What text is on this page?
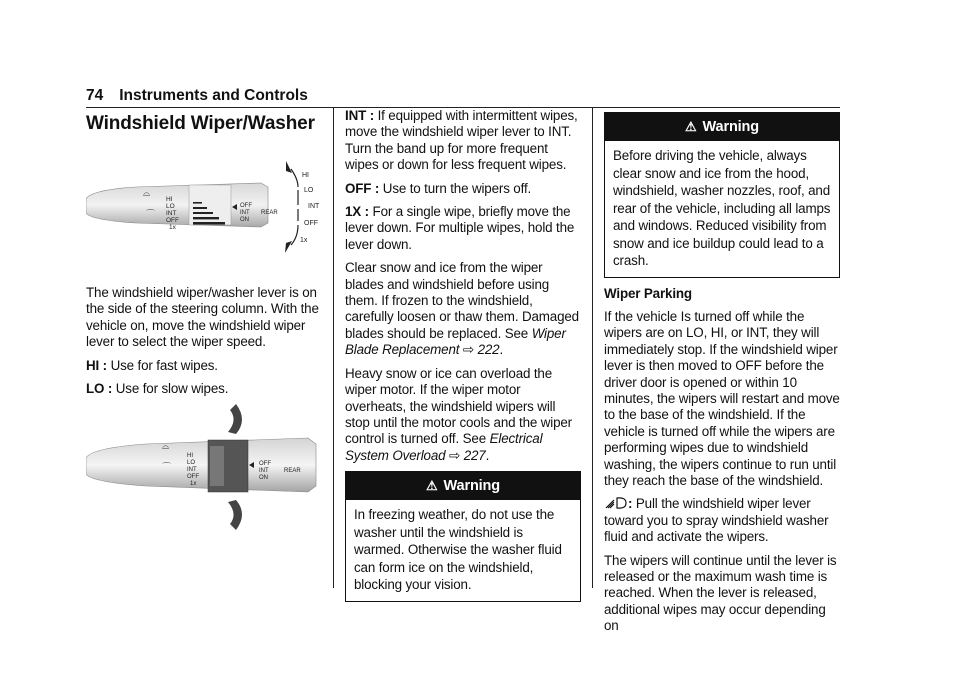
74 Instruments and Controls
Windshield Wiper/Washer
HI
LO
INT
OFF
1x
⌓
⌒
OFF
INT
ON
REAR
HI
LO
INT
OFF
1x

The windshield wiper/washer lever is on the side of the steering column. With the vehicle on, move the windshield wiper lever to select the wiper speed.

HI : Use for fast wipes.

LO : Use for slow wipes.

HI
LO
INT
OFF
1x
⌓
⌒	OFF
INT
ON
REAR

INT : If equipped with intermittent wipes, move the windshield wiper lever to INT. Turn the band up for more frequent wipes or down for less frequent wipes.

OFF : Use to turn the wipers off.

1X : For a single wipe, briefly move the lever down. For multiple wipes, hold the lever down.

Clear snow and ice from the wiper blades and windshield before using them. If frozen to the windshield, carefully loosen or thaw them. Damaged blades should be replaced. See Wiper Blade Replacement ⇨ 222.

Heavy snow or ice can overload the wiper motor. If the wiper motor overheats, the windshield wipers will stop until the motor cools and the wiper control is turned off. See Electrical System Overload ⇨ 227.

⚠ Warning
In freezing weather, do not use the washer until the windshield is warmed. Otherwise the washer fluid can form ice on the windshield, blocking your vision.
⚠ Warning
Before driving the vehicle, always clear snow and ice from the hood, windshield, washer nozzles, roof, and rear of the vehicle, including all lamps and windows. Reduced visibility from snow and ice buildup could lead to a crash.

Wiper Parking

If the vehicle Is turned off while the wipers are on LO, HI, or INT, they will immediately stop. If the windshield wiper lever is then moved to OFF before the driver door is opened or within 10 minutes, the wipers will restart and move to the base of the windshield. If the vehicle is turned off while the wipers are performing wipes due to windshield washing, the wipers continue to run until they reach the base of the windshield.

: Pull the windshield wiper lever toward you to spray windshield washer fluid and activate the wipers.

The wipers will continue until the lever is released or the maximum wash time is reached. When the lever is released, additional wipes may occur depending on
